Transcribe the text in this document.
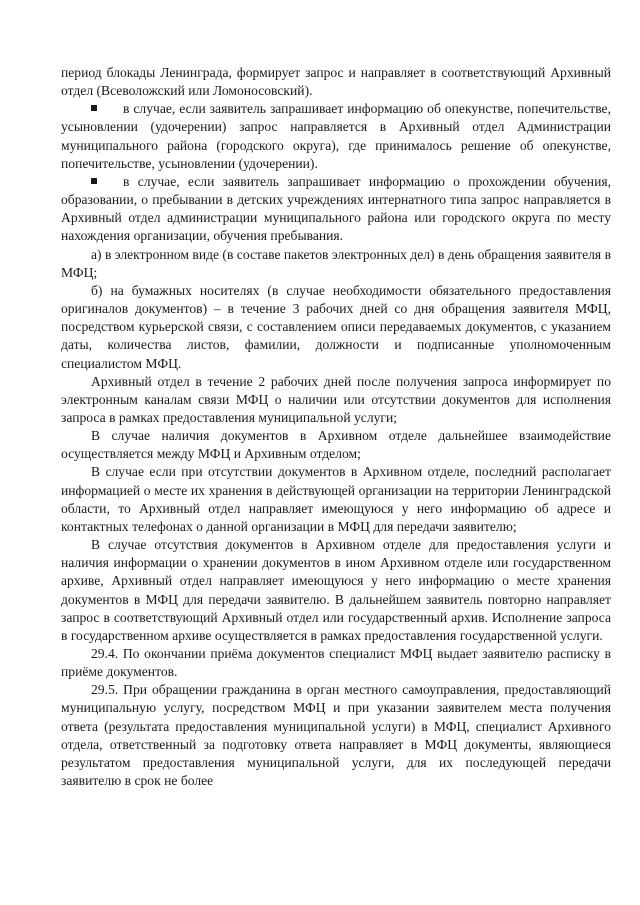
период блокады Ленинграда, формирует запрос и направляет в соответствующий Архивный отдел (Всеволожский или Ломоносовский).

в случае, если заявитель запрашивает информацию об опекунстве, попечительстве, усыновлении (удочерении) запрос направляется в Архивный отдел Администрации муниципального района (городского округа), где принималось решение об опекунстве, попечительстве, усыновлении (удочерении).

в случае, если заявитель запрашивает информацию о прохождении обучения, образовании, о пребывании в детских учреждениях интернатного типа запрос направляется в Архивный отдел администрации муниципального района или городского округа по месту нахождения организации, обучения пребывания.

а) в электронном виде (в составе пакетов электронных дел) в день обращения заявителя в МФЦ;

б) на бумажных носителях (в случае необходимости обязательного предоставления оригиналов документов) – в течение 3 рабочих дней со дня обращения заявителя МФЦ, посредством курьерской связи, с составлением описи передаваемых документов, с указанием даты, количества листов, фамилии, должности и подписанные уполномоченным специалистом МФЦ.

Архивный отдел в течение 2 рабочих дней после получения запроса информирует по электронным каналам связи МФЦ о наличии или отсутствии документов для исполнения запроса в рамках предоставления муниципальной услуги;

В случае наличия документов в Архивном отделе дальнейшее взаимодействие осуществляется между МФЦ и Архивным отделом;

В случае если при отсутствии документов в Архивном отделе, последний располагает информацией о месте их хранения в действующей организации на территории Ленинградской области, то Архивный отдел направляет имеющуюся у него информацию об адресе и контактных телефонах о данной организации в МФЦ для передачи заявителю;

В случае отсутствия документов в Архивном отделе для предоставления услуги и наличия информации о хранении документов в ином Архивном отделе или государственном архиве, Архивный отдел направляет имеющуюся у него информацию о месте хранения документов в МФЦ для передачи заявителю. В дальнейшем заявитель повторно направляет запрос в соответствующий Архивный отдел или государственный архив. Исполнение запроса в государственном архиве осуществляется в рамках предоставления государственной услуги.

29.4. По окончании приёма документов специалист МФЦ выдает заявителю расписку в приёме документов.

29.5. При обращении гражданина в орган местного самоуправления, предоставляющий муниципальную услугу, посредством МФЦ и при указании заявителем места получения ответа (результата предоставления муниципальной услуги) в МФЦ, специалист Архивного отдела, ответственный за подготовку ответа направляет в МФЦ документы, являющиеся результатом предоставления муниципальной услуги, для их последующей передачи заявителю в срок не более
